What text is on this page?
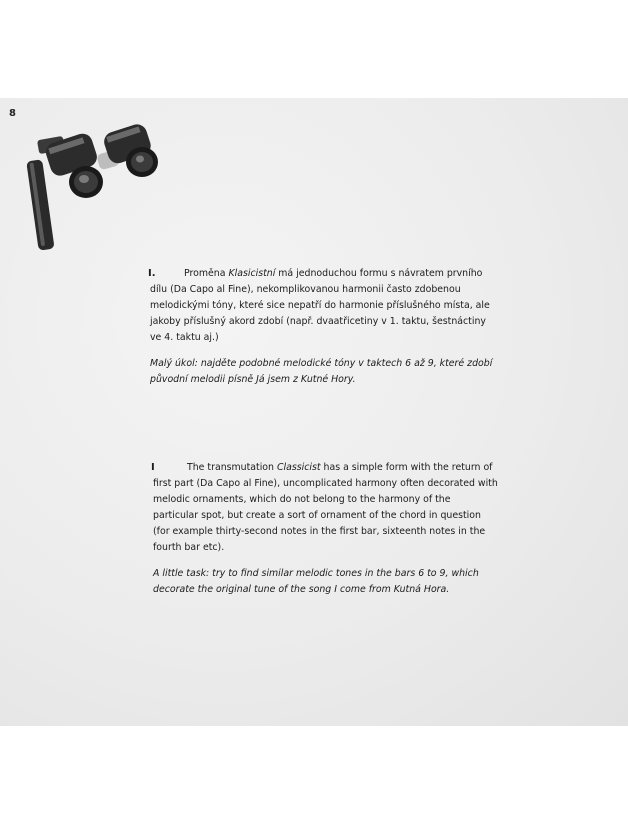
8
I.	Proměna Klasicistní má jednoduchou formu s návratem prvního dílu (Da Capo al Fine), nekomplikovanou harmonii často zdobenou melodickými tóny, které sice nepatří do harmonie příslušného místa, ale jakoby příslušný akord zdobí (např. dvaatřicetiny v 1. taktu, šestnáctiny ve 4. taktu aj.)

Malý úkol: najděte podobné melodické tóny v taktech 6 až 9, které zdobí původní melodii písně Já jsem z Kutné Hory.

I	The transmutation Classicist has a simple form with the return of first part (Da Capo al Fine), uncomplicated harmony often decorated with melodic ornaments, which do not belong to the harmony of the particular spot, but create a sort of ornament of the chord in question (for example thirty-second notes in the first bar, sixteenth notes in the fourth bar etc).

A little task: try to find similar melodic tones in the bars 6 to 9, which decorate the original tune of the song I come from Kutná Hora.
